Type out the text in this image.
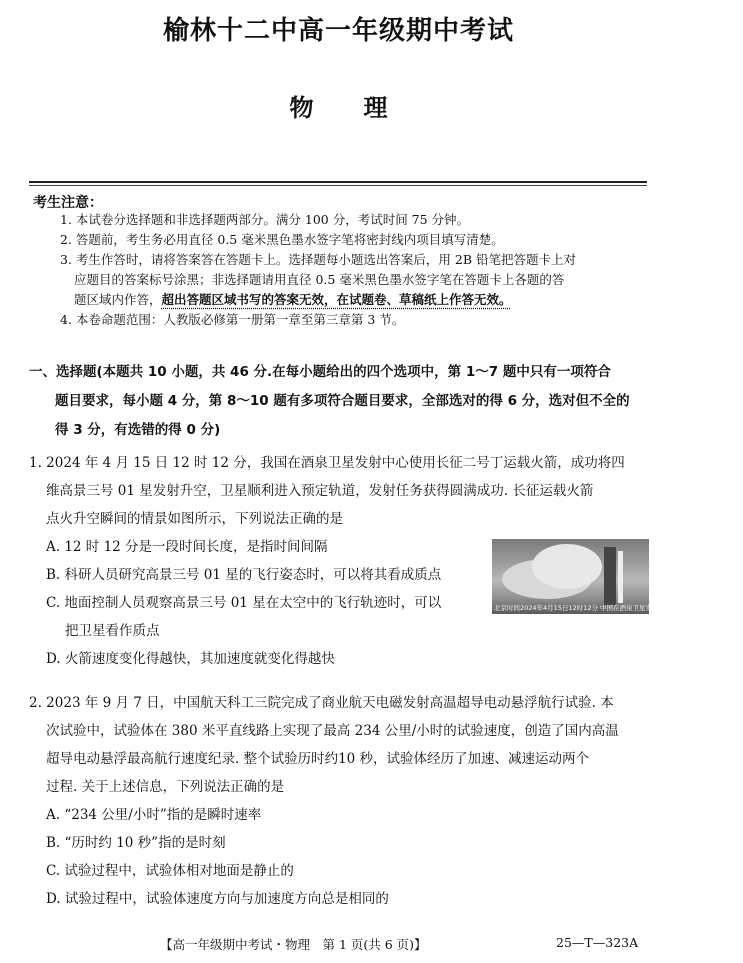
榆林十二中高一年级期中考试
物理
考生注意：
1. 本试卷分选择题和非选择题两部分。满分 100 分，考试时间 75 分钟。
2. 答题前，考生务必用直径 0.5 毫米黑色墨水签字笔将密封线内项目填写清楚。
3. 考生作答时，请将答案答在答题卡上。选择题每小题选出答案后，用 2B 铅笔把答题卡上对
应题目的答案标号涂黑；非选择题请用直径 0.5 毫米黑色墨水签字笔在答题卡上各题的答
题区域内作答，超出答题区域书写的答案无效，在试题卷、草稿纸上作答无效。
4. 本卷命题范围：人教版必修第一册第一章至第三章第 3 节。
一、选择题(本题共 10 小题，共 46 分.在每小题给出的四个选项中，第 1～7 题中只有一项符合
题目要求，每小题 4 分，第 8～10 题有多项符合题目要求，全部选对的得 6 分，选对但不全的
得 3 分，有选错的得 0 分)
1. 2024 年 4 月 15 日 12 时 12 分，我国在酒泉卫星发射中心使用长征二号丁运载火箭，成功将四
维高景三号 01 星发射升空，卫星顺利进入预定轨道，发射任务获得圆满成功. 长征运载火箭
点火升空瞬间的情景如图所示，下列说法正确的是
A. 12 时 12 分是一段时间长度，是指时间间隔
B. 科研人员研究高景三号 01 星的飞行姿态时，可以将其看成质点
C. 地面控制人员观察高景三号 01 星在太空中的飞行轨迹时，可以
把卫星看作质点
D. 火箭速度变化得越快，其加速度就变化得越快
北京时间2024年4月15日12时12分 中国在酒泉卫星发射中心使用长征二号丁运载火箭
2. 2023 年 9 月 7 日，中国航天科工三院完成了商业航天电磁发射高温超导电动悬浮航行试验. 本
次试验中，试验体在 380 米平直线路上实现了最高 234 公里/小时的试验速度，创造了国内高温
超导电动悬浮最高航行速度纪录. 整个试验历时约10 秒，试验体经历了加速、减速运动两个
过程. 关于上述信息，下列说法正确的是
A. “234 公里/小时”指的是瞬时速率
B. “历时约 10 秒”指的是时刻
C. 试验过程中，试验体相对地面是静止的
D. 试验过程中，试验体速度方向与加速度方向总是相同的
【高一年级期中考试・物理　第 1 页(共 6 页)】	25—T—323A
